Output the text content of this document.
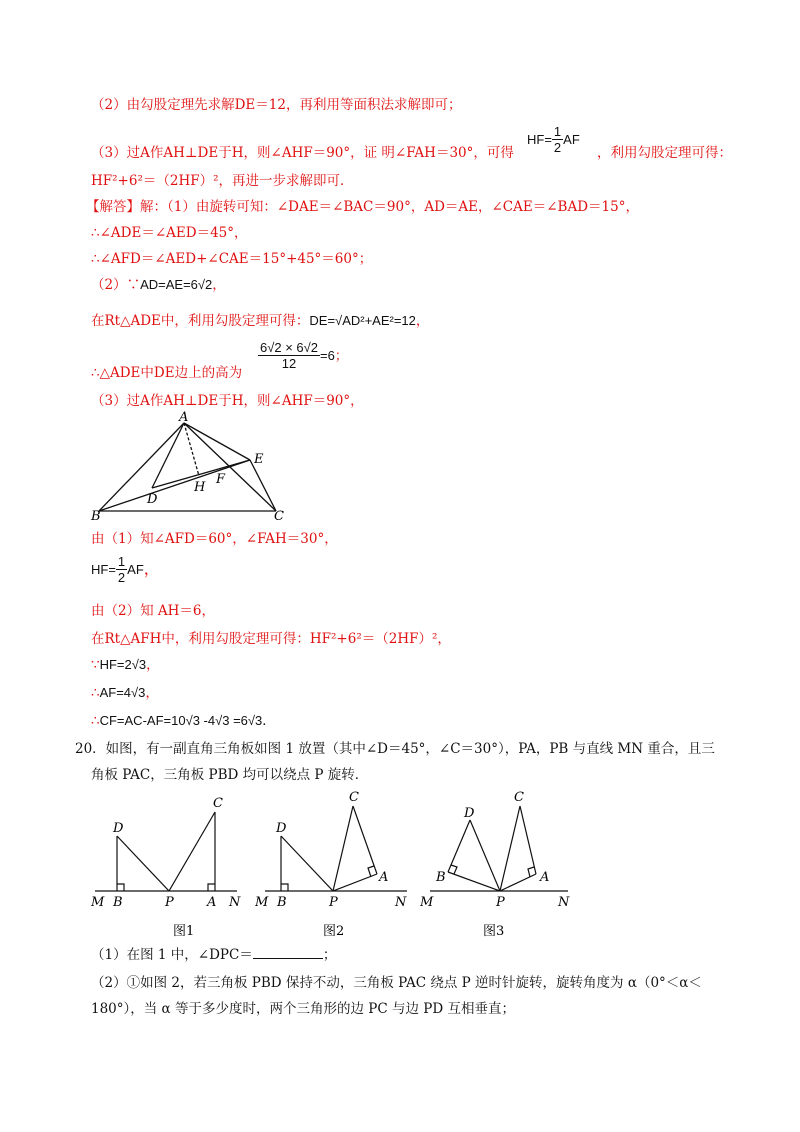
（2）由勾股定理先求解DE＝12，再利用等面积法求解即可；
（3）过A作AH⊥DE于H，则∠AHF＝90°，证 明∠FAH＝30°，可得
$HF= \frac{1}{2}$ AF
，利用勾股定理可得：
HF²+6²＝（2HF）²，再进一步求解即可．
【解答】解：（1）由旋转可知：∠DAE＝∠BAC＝90°，AD＝AE，∠CAE＝∠BAD＝15°，
∴∠ADE＝∠AED＝45°，
∴∠AFD＝∠AED+∠CAE＝15°+45°＝60°；
（2）∵AD=AE=6√2，
在Rt△ADE中，利用勾股定理可得：DE=√AD²+AE²=12，
∴△ADE中DE边上的高为
$\frac{6√2 \times 6√2}{12} =6$；
（3）过A作AH⊥DE于H，则∠AHF＝90°，
A
B	C
D
E
F
H
由（1）知∠AFD＝60°，∠FAH＝30°，
$HF= \frac{1}{2}$ AF，
由（2）知 AH＝6，
在Rt△AFH中，利用勾股定理可得：HF²+6²＝（2HF）²，
∵HF=2√3，
∴AF=4√3，
∴CF=AC-AF=10√3 -4√3 =6√3．
20．如图，有一副直角三角板如图 1 放置（其中∠D＝45°，∠C＝30°），PA，PB 与直线 MN 重合，且三
角板 PAC，三角板 PBD 均可以绕点 P 旋转．
D
C
M B	P	A N
D
C
M B	P
A
N
D
C
M
B
P
A
N
图1	图2	图3
（1）在图 1 中，∠DPC＝	；
（2）①如图 2，若三角板 PBD 保持不动，三角板 PAC 绕点 P 逆时针旋转，旋转角度为 α（0°＜α＜
180°），当 α 等于多少度时，两个三角形的边 PC 与边 PD 互相垂直；
